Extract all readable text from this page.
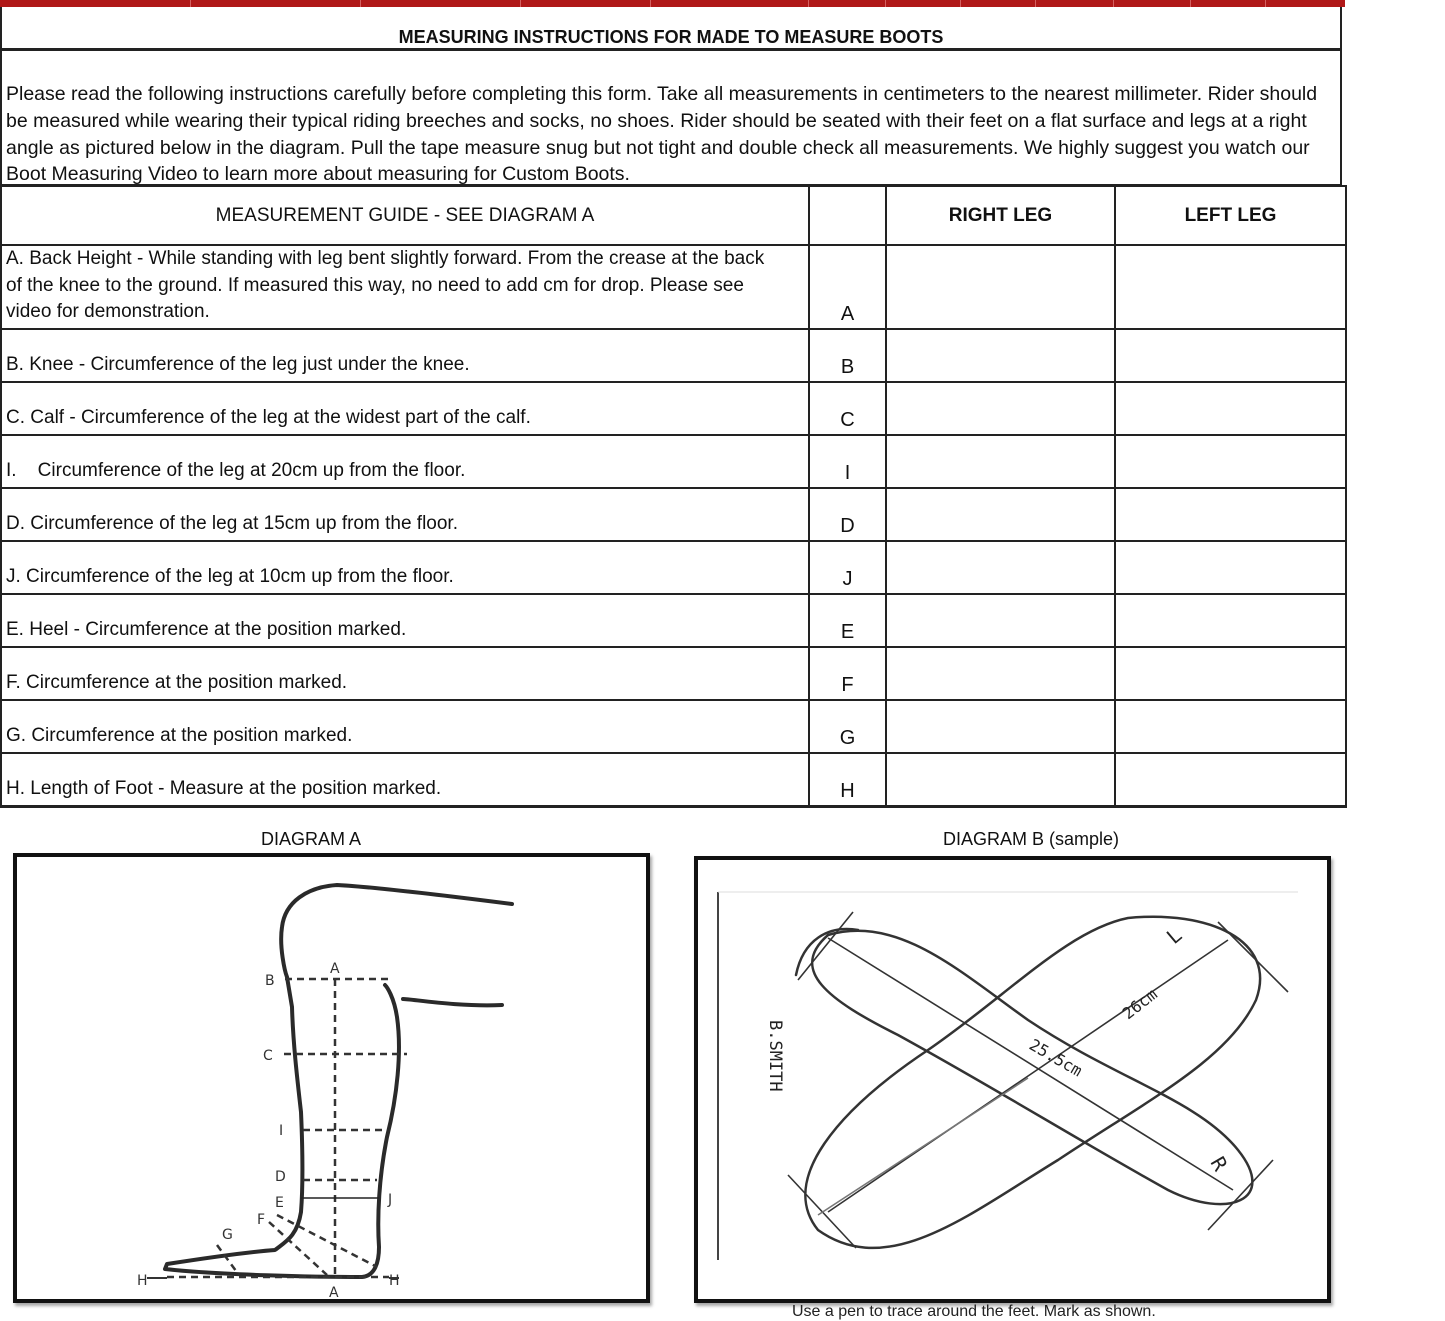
MEASURING INSTRUCTIONS FOR MADE TO MEASURE BOOTS
Please read the following instructions carefully before completing this form. Take all measurements in centimeters to the nearest millimeter. Rider should
be measured while wearing their typical riding breeches and socks, no shoes. Rider should be seated with their feet on a flat surface and legs at a right
angle as pictured below in the diagram. Pull the tape measure snug but not tight and double check all measurements. We highly suggest you watch our
Boot Measuring Video to learn more about measuring for Custom Boots.
MEASUREMENT GUIDE - SEE DIAGRAM A		RIGHT LEG	LEFT LEG

A. Back Height - While standing with leg bent slightly forward. From the crease at the back
of the knee to the ground. If measured this way, no need to add cm for drop. Please see
video for demonstration.	A		
B. Knee - Circumference of the leg just under the knee.	B		
C. Calf - Circumference of the leg at the widest part of the calf.	C		
I.    Circumference of the leg at 20cm up from the floor.	I		
D. Circumference of the leg at 15cm up from the floor.	D		
J. Circumference of the leg at 10cm up from the floor.	J		
E. Heel - Circumference at the position marked.	E		
F. Circumference at the position marked.	F		
G. Circumference at the position marked.	G		
H. Length of Foot - Measure at the position marked.	H		
DIAGRAM A	DIAGRAM B (sample)
A
B
C
I
D
E	J
F
G
H	H
A
B.SMITH	25.5cm
26cm
L
R
Use a pen to trace around the feet. Mark as shown.
